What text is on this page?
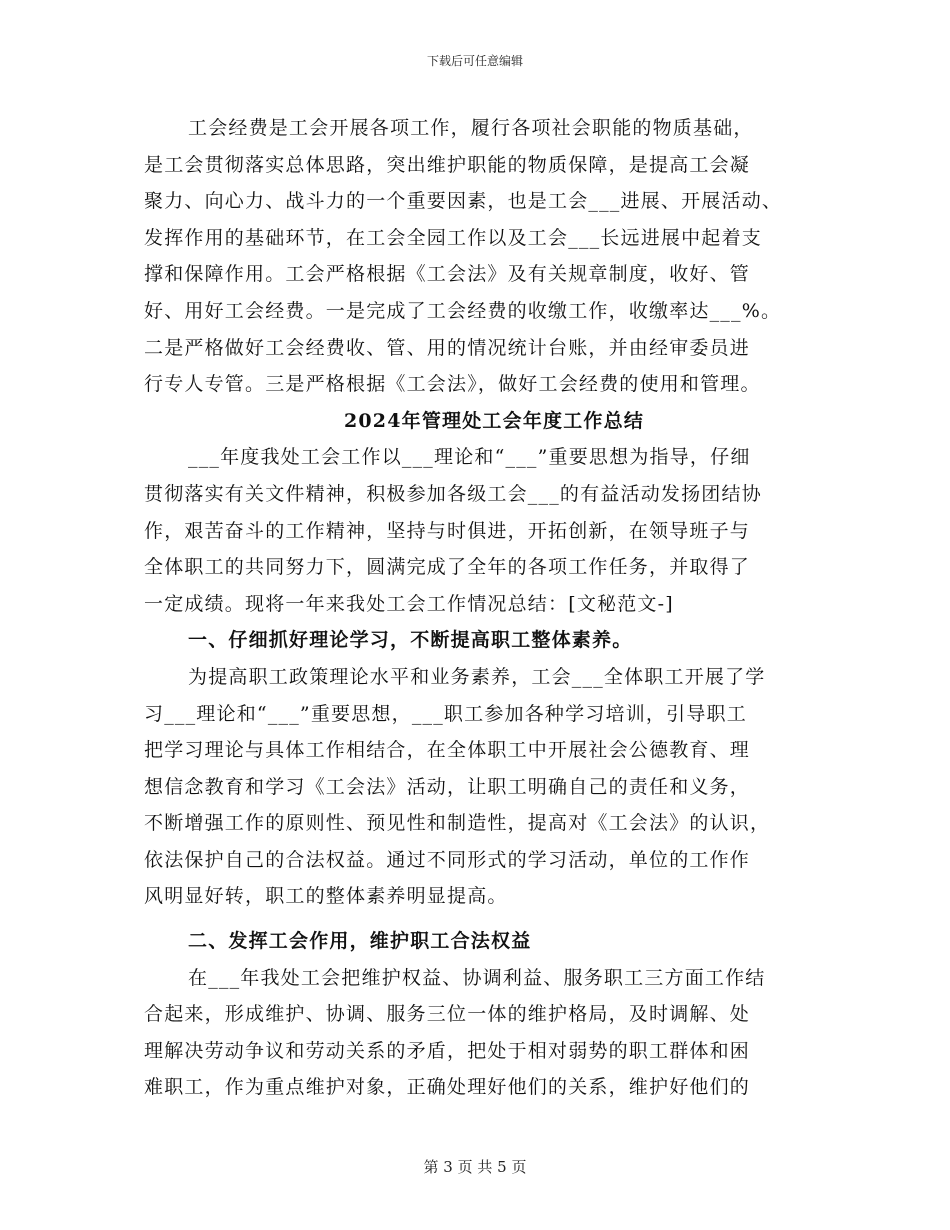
下载后可任意编辑
工会经费是工会开展各项工作，履行各项社会职能的物质基础，
是工会贯彻落实总体思路，突出维护职能的物质保障，是提高工会凝
聚力、向心力、战斗力的一个重要因素，也是工会___进展、开展活动、
发挥作用的基础环节，在工会全园工作以及工会___长远进展中起着支
撑和保障作用。工会严格根据《工会法》及有关规章制度，收好、管
好、用好工会经费。一是完成了工会经费的收缴工作，收缴率达___%。
二是严格做好工会经费收、管、用的情况统计台账，并由经审委员进
行专人专管。三是严格根据《工会法》，做好工会经费的使用和管理。
2024年管理处工会年度工作总结
___年度我处工会工作以___理论和“___”重要思想为指导，仔细
贯彻落实有关文件精神，积极参加各级工会___的有益活动发扬团结协
作，艰苦奋斗的工作精神，坚持与时俱进，开拓创新，在领导班子与
全体职工的共同努力下，圆满完成了全年的各项工作任务，并取得了
一定成绩。现将一年来我处工会工作情况总结：[文秘范文-]
一、仔细抓好理论学习，不断提高职工整体素养。
为提高职工政策理论水平和业务素养，工会___全体职工开展了学
习___理论和“___”重要思想，___职工参加各种学习培训，引导职工
把学习理论与具体工作相结合，在全体职工中开展社会公德教育、理
想信念教育和学习《工会法》活动，让职工明确自己的责任和义务，
不断增强工作的原则性、预见性和制造性，提高对《工会法》的认识，
依法保护自己的合法权益。通过不同形式的学习活动，单位的工作作
风明显好转，职工的整体素养明显提高。
二、发挥工会作用，维护职工合法权益
在___年我处工会把维护权益、协调利益、服务职工三方面工作结
合起来，形成维护、协调、服务三位一体的维护格局，及时调解、处
理解决劳动争议和劳动关系的矛盾，把处于相对弱势的职工群体和困
难职工，作为重点维护对象，正确处理好他们的关系，维护好他们的
第 3 页 共 5 页
